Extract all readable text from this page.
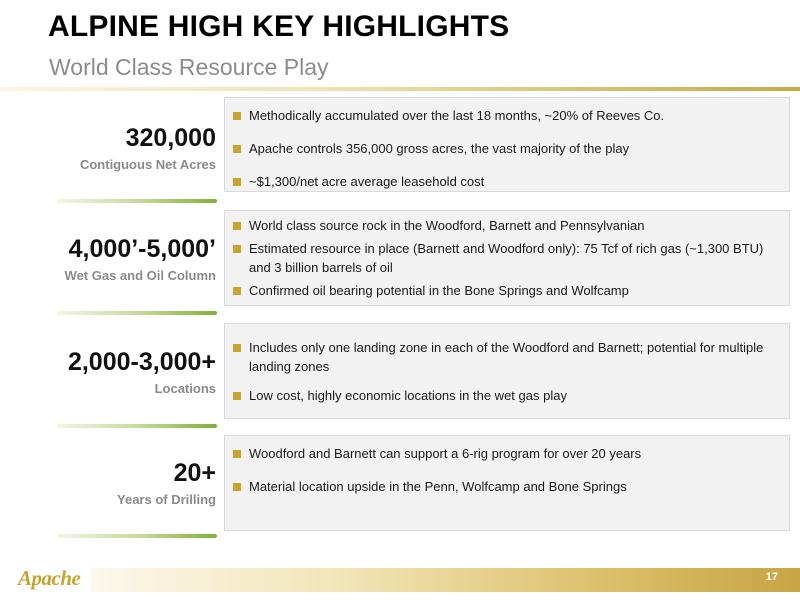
ALPINE HIGH KEY HIGHLIGHTS
World Class Resource Play
320,000
Contiguous Net Acres
Methodically accumulated over the last 18 months, ~20% of Reeves Co.
Apache controls 356,000 gross acres, the vast majority of the play
~$1,300/net acre average leasehold cost
4,000’-5,000’
Wet Gas and Oil Column
World class source rock in the Woodford, Barnett and Pennsylvanian
Estimated resource in place (Barnett and Woodford only): 75 Tcf of rich gas (~1,300 BTU) and 3 billion barrels of oil
Confirmed oil bearing potential in the Bone Springs and Wolfcamp
2,000-3,000+
Locations
Includes only one landing zone in each of the Woodford and Barnett; potential for multiple landing zones
Low cost, highly economic locations in the wet gas play
20+
Years of Drilling
Woodford and Barnett can support a 6-rig program for over 20 years
Material location upside in the Penn, Wolfcamp and Bone Springs
Apache	17
